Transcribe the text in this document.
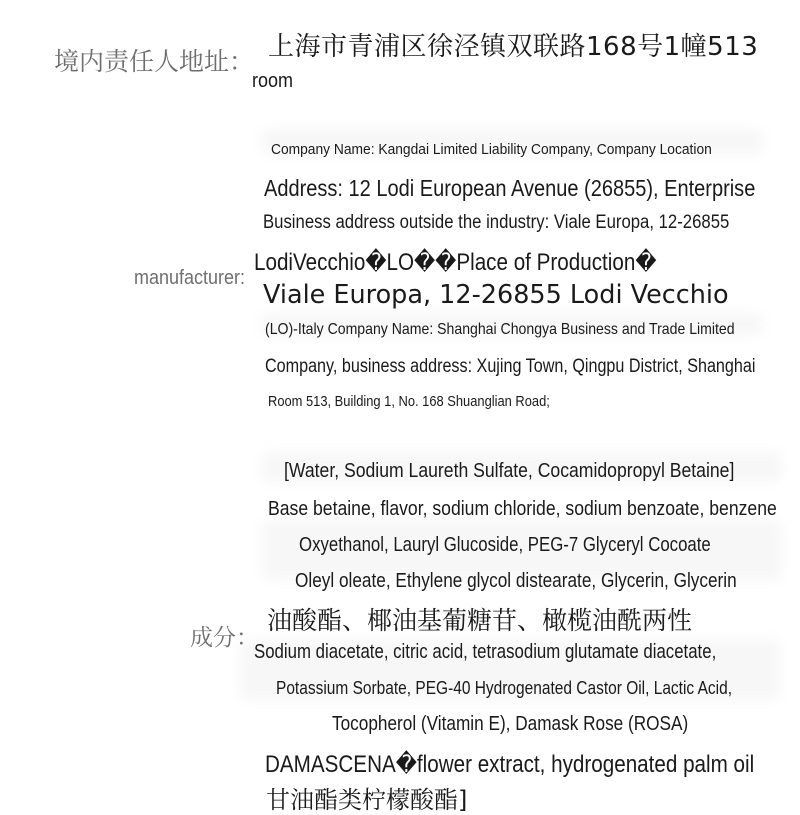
境内责任人地址： 上海市青浦区徐泾镇双联路168号1幢513
room
manufacturer:
Company Name: Kangdai Limited Liability Company, Company Location
Address: 12 Lodi European Avenue (26855), Enterprise
Business address outside the industry: Viale Europa, 12-26855
LodiVecchio�LO��Place of Production�
Viale Europa, 12-26855 Lodi Vecchio
(LO)-Italy Company Name: Shanghai Chongya Business and Trade Limited
Company, business address: Xujing Town, Qingpu District, Shanghai
Room 513, Building 1, No. 168 Shuanglian Road;
成分：
[Water, Sodium Laureth Sulfate, Cocamidopropyl Betaine]
Base betaine, flavor, sodium chloride, sodium benzoate, benzene
Oxyethanol, Lauryl Glucoside, PEG-7 Glyceryl Cocoate
Oleyl oleate, Ethylene glycol distearate, Glycerin, Glycerin
油酸酯、椰油基葡糖苷、橄榄油酰两性
Sodium diacetate, citric acid, tetrasodium glutamate diacetate,
Potassium Sorbate, PEG-40 Hydrogenated Castor Oil, Lactic Acid,
Tocopherol (Vitamin E), Damask Rose (ROSA)
DAMASCENA�flower extract, hydrogenated palm oil
甘油酯类柠檬酸酯]
